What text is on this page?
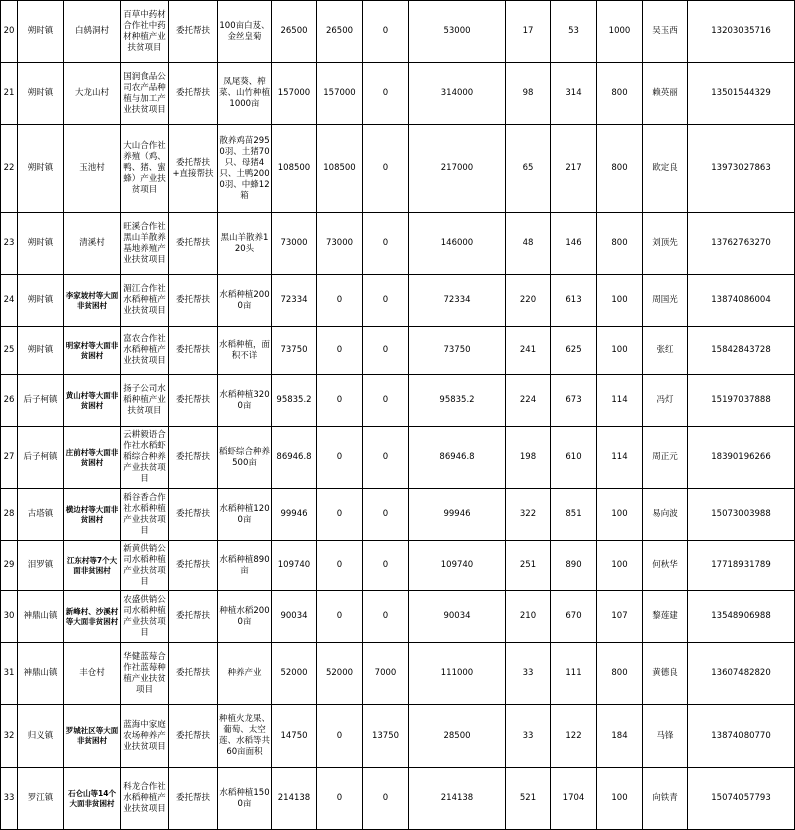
20	朔时镇	白鸫洞村	百草中药材合作社中药材种植产业扶贫项目	委托帮扶	100亩白芨、金丝皇菊	26500	26500	0	53000	17	53	1000	吴玉西	13203035716
21	朔时镇	大龙山村	国润食品公司农产品种植与加工产业扶贫项目	委托帮扶	凤尾葵、榨菜、山竹种植1000亩	157000	157000	0	314000	98	314	800	赖英丽	13501544329
22	朔时镇	玉池村	大山合作社养殖（鸡、鸭、猪、蜜蜂）产业扶贫项目	委托帮扶+直接帮扶	散养鸡苗2950羽、土猪70只、母猪4只、土鸭2000羽、中蜂12箱	108500	108500	0	217000	65	217	800	欧定良	13973027863
23	朔时镇	清溪村	旺溪合作社黑山羊散养基地养殖产业扶贫项目	委托帮扶	黑山羊散养120头	73000	73000	0	146000	48	146	800	刘顶先	13762763270
24	朔时镇	李家坡村等大面非贫困村	湄江合作社水稻种植产业扶贫项目	委托帮扶	水稻种植2000亩	72334	0	0	72334	220	613	100	周国光	13874086004
25	朔时镇	明家村等大面非贫困村	富农合作社水稻种植产业扶贫项目	委托帮扶	水稻种植，面积不详	73750	0	0	73750	241	625	100	张红	15842843728
26	后子柯镇	黄山村等大面非贫困村	扬子公司水稻种植产业扶贫项目	委托帮扶	水稻种植3200亩	95835.2	0	0	95835.2	224	673	114	冯灯	15197037888
27	后子柯镇	庄前村等大面非贫困村	云耕毅语合作社水稻虾稻综合种养产业扶贫项目	委托帮扶	稻虾综合种养500亩	86946.8	0	0	86946.8	198	610	114	周正元	18390196266
28	古塔镇	横边村等大面非贫困村	稻谷香合作社水稻种植产业扶贫项目	委托帮扶	水稻种植1200亩	99946	0	0	99946	322	851	100	易向波	15073003988
29	泪罗镇	江东村等7个大面非贫困村	新黄供销公司水稻种植产业扶贫项目	委托帮扶	水稻种植890亩	109740	0	0	109740	251	890	100	何秋华	17718931789
30	神鼎山镇	新峰村、沙溪村等大面非贫困村	农盛供销公司水稻种植产业扶贫项目	委托帮扶	种植水稻2000亩	90034	0	0	90034	210	670	107	黎莲建	13548906988
31	神鼎山镇	丰仓村	华健蓝莓合作社蓝莓种植产业扶贫项目	委托帮扶	种养产业	52000	52000	7000	111000	33	111	800	黄德良	13607482820
32	归义镇	罗城社区等大面非贫困村	蓝海中家庭农场种养产业扶贫项目	委托帮扶	种植火龙果、葡萄、太空莲、水稻等共60亩面积	14750	0	13750	28500	33	122	184	马锋	13874080770
33	罗江镇	石仑山等14个大面非贫困村	科龙合作社水稻种植产业扶贫项目	委托帮扶	水稻种植1500亩	214138	0	0	214138	521	1704	100	向铁青	15074057793
